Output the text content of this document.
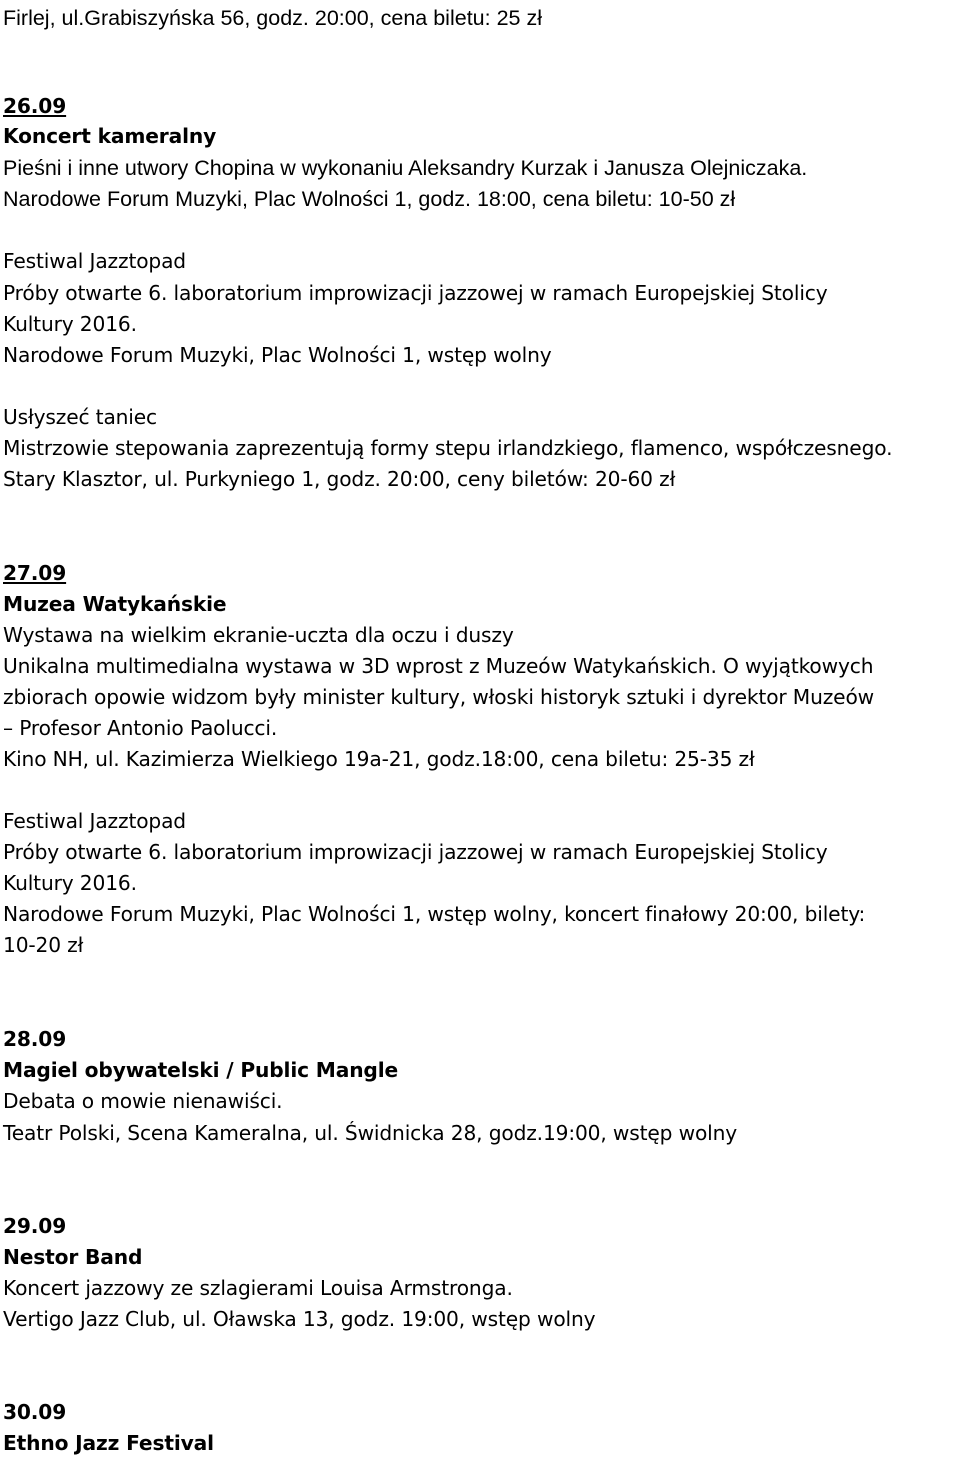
Firlej, ul.Grabiszyńska 56, godz. 20:00, cena biletu: 25 zł
26.09
Koncert kameralny
Pieśni i inne utwory Chopina w wykonaniu Aleksandry Kurzak i Janusza Olejniczaka.
Narodowe Forum Muzyki, Plac Wolności 1, godz. 18:00, cena biletu: 10-50 zł
Festiwal Jazztopad
Próby otwarte 6. laboratorium improwizacji jazzowej w ramach Europejskiej Stolicy
Kultury 2016.
Narodowe Forum Muzyki, Plac Wolności 1, wstęp wolny
Usłyszeć taniec
Mistrzowie stepowania zaprezentują formy stepu irlandzkiego, flamenco, współczesnego.
Stary Klasztor, ul. Purkyniego 1, godz. 20:00, ceny biletów: 20-60 zł
27.09
Muzea Watykańskie
Wystawa na wielkim ekranie-uczta dla oczu i duszy
Unikalna multimedialna wystawa w 3D wprost z Muzeów Watykańskich. O wyjątkowych
zbiorach opowie widzom były minister kultury, włoski historyk sztuki i dyrektor Muzeów
– Profesor Antonio Paolucci.
Kino NH, ul. Kazimierza Wielkiego 19a-21, godz.18:00, cena biletu: 25-35 zł
Festiwal Jazztopad
Próby otwarte 6. laboratorium improwizacji jazzowej w ramach Europejskiej Stolicy
Kultury 2016.
Narodowe Forum Muzyki, Plac Wolności 1, wstęp wolny, koncert finałowy 20:00, bilety:
10-20 zł
28.09
Magiel obywatelski / Public Mangle
Debata o mowie nienawiści.
Teatr Polski, Scena Kameralna, ul. Świdnicka 28, godz.19:00, wstęp wolny
29.09
Nestor Band
Koncert jazzowy ze szlagierami Louisa Armstronga.
Vertigo Jazz Club, ul. Oławska 13, godz. 19:00, wstęp wolny
30.09
Ethno Jazz Festival
